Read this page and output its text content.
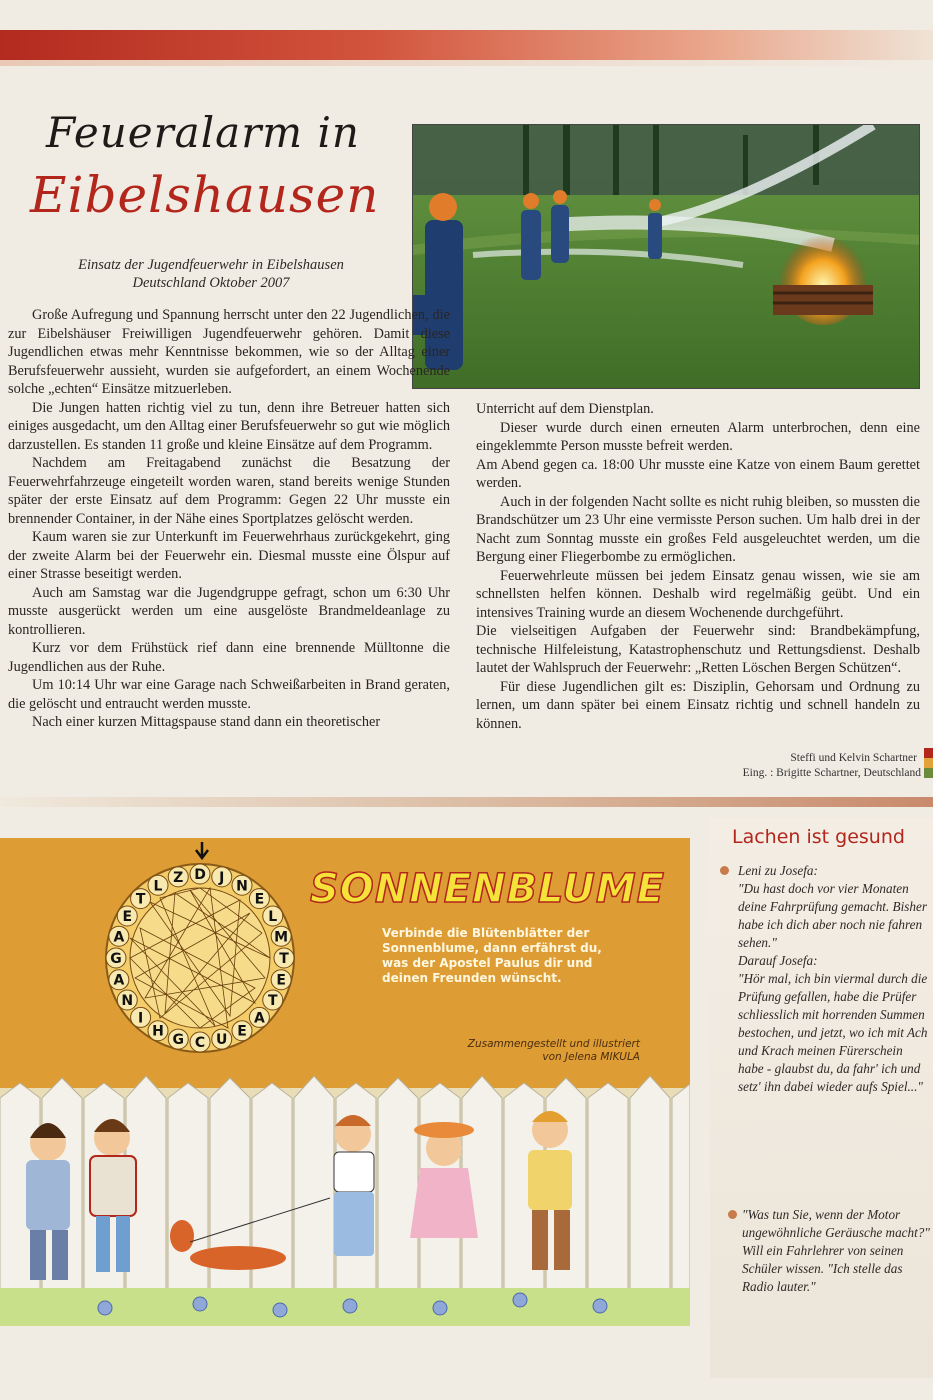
Feueralarm in
Eibelshausen
Einsatz der Jugendfeuerwehr in Eibelshausen
Deutschland Oktober 2007

Große Aufregung und Spannung herrscht unter den 22 Jugendlichen, die zur Eibelshäuser Freiwilligen Jugendfeuerwehr gehören. Damit diese Jugendlichen etwas mehr Kenntnisse bekommen, wie so der Alltag einer Berufsfeuerwehr aussieht, wurden sie aufgefordert, an einem Wochenende solche „echten“ Einsätze mitzuerleben.

Die Jungen hatten richtig viel zu tun, denn ihre Betreuer hatten sich einiges ausgedacht, um den Alltag einer Berufsfeuerwehr so gut wie möglich darzustellen. Es standen 11 große und kleine Einsätze auf dem Programm.

Nachdem am Freitagabend zunächst die Besatzung der Feuerwehrfahrzeuge eingeteilt worden waren, stand bereits wenige Stunden später der erste Einsatz auf dem Programm: Gegen 22 Uhr musste ein brennender Container, in der Nähe eines Sportplatzes gelöscht werden.

Kaum waren sie zur Unterkunft im Feuerwehrhaus zurückgekehrt, ging der zweite Alarm bei der Feuerwehr ein. Diesmal musste eine Ölspur auf einer Strasse beseitigt werden.

Auch am Samstag war die Jugendgruppe gefragt, schon um 6:30 Uhr musste ausgerückt werden um eine ausgelöste Brandmeldeanlage zu kontrollieren.

Kurz vor dem Frühstück rief dann eine brennende Mülltonne die Jugendlichen aus der Ruhe.

Um 10:14 Uhr war eine Garage nach Schweißarbeiten in Brand geraten, die gelöscht und entraucht werden musste.

Nach einer kurzen Mittagspause stand dann ein theoretischer

Unterricht auf dem Dienstplan.

Dieser wurde durch einen erneuten Alarm unterbrochen, denn eine eingeklemmte Person musste befreit werden.

Am Abend gegen ca. 18:00 Uhr musste eine Katze von einem Baum gerettet werden.

Auch in der folgenden Nacht sollte es nicht ruhig bleiben, so mussten die Brandschützer um 23 Uhr eine vermisste Person suchen. Um halb drei in der Nacht zum Sonntag musste ein großes Feld ausgeleuchtet werden, um die Bergung einer Fliegerbombe zu ermöglichen.

Feuerwehrleute müssen bei jedem Einsatz genau wissen, wie sie am schnellsten helfen können. Deshalb wird regelmäßig geübt. Und ein intensives Training wurde an diesem Wochenende durchgeführt.

Die vielseitigen Aufgaben der Feuerwehr sind: Brandbekämpfung, technische Hilfeleistung, Katastrophenschutz und Rettungsdienst. Deshalb lautet der Wahlspruch der Feuerwehr: „Retten Löschen Bergen Schützen“.

Für diese Jugendlichen gilt es: Disziplin, Gehorsam und Ordnung zu lernen, um dann später bei einem Einsatz richtig und schnell handeln zu können.

Steffi und Kelvin Schartner
Eing. : Brigitte Schartner, Deutschland
D J
N
E
L
M
T
E
T
A
E
U
C
G
H
I
N
A
G
A
E
T
L
Z	SONNENBLUME
Verbinde die Blütenblätter der Sonnenblume, dann erfährst du, was der Apostel Paulus dir und deinen Freunden wünscht.
Zusammengestellt und illustriert
von Jelena MIKULA
Lachen ist gesund
Leni zu Josefa:
"Du hast doch vor vier Monaten deine Fahrprüfung gemacht. Bisher habe ich dich aber noch nie fahren sehen."
Darauf Josefa:
"Hör mal, ich bin viermal durch die Prüfung gefallen, habe die Prüfer schliesslich mit horrenden Summen bestochen, und jetzt, wo ich mit Ach und Krach meinen Fürerschein habe - glaubst du, da fahr' ich und setz' ihn dabei wieder aufs Spiel..."
"Was tun Sie, wenn der Motor ungewöhnliche Geräusche macht?" Will ein Fahrlehrer von seinen Schüler wissen. "Ich stelle das Radio lauter."
